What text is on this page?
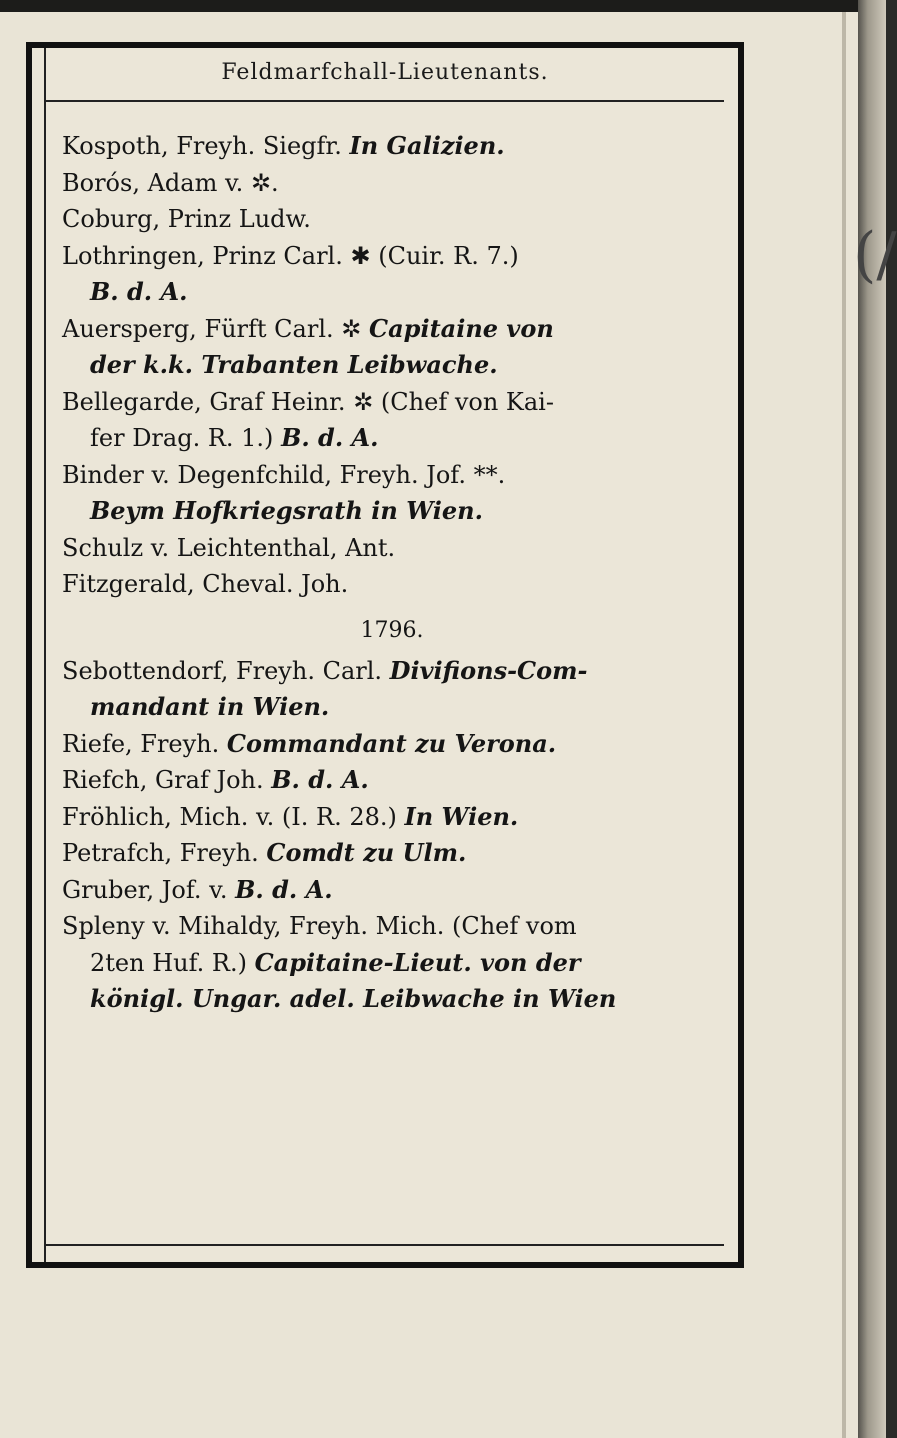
(/
Feldmarfchall-Lieutenants.
Kospoth, Freyh. Siegfr. In Galizien.
Borós, Adam v. ✲.
Coburg, Prinz Ludw.
Lothringen, Prinz Carl. ✱ (Cuir. R. 7.)
B. d. A.
Auersperg, Fürft Carl. ✲ Capitaine von
der k.k. Trabanten Leibwache.
Bellegarde, Graf Heinr. ✲ (Chef von Kai-
fer Drag. R. 1.) B. d. A.
Binder v. Degenfchild, Freyh. Jof. **.
Beym Hofkriegsrath in Wien.
Schulz v. Leichtenthal, Ant.
Fitzgerald, Cheval. Joh.
1796.
Sebottendorf, Freyh. Carl. Divifions-Com-
mandant in Wien.
Riefe, Freyh. Commandant zu Verona.
Riefch, Graf Joh. B. d. A.
Fröhlich, Mich. v. (I. R. 28.) In Wien.
Petrafch, Freyh. Comdt zu Ulm.
Gruber, Jof. v. B. d. A.
Spleny v. Mihaldy, Freyh. Mich. (Chef vom
2ten Huf. R.) Capitaine-Lieut. von der
königl. Ungar. adel. Leibwache in Wien
